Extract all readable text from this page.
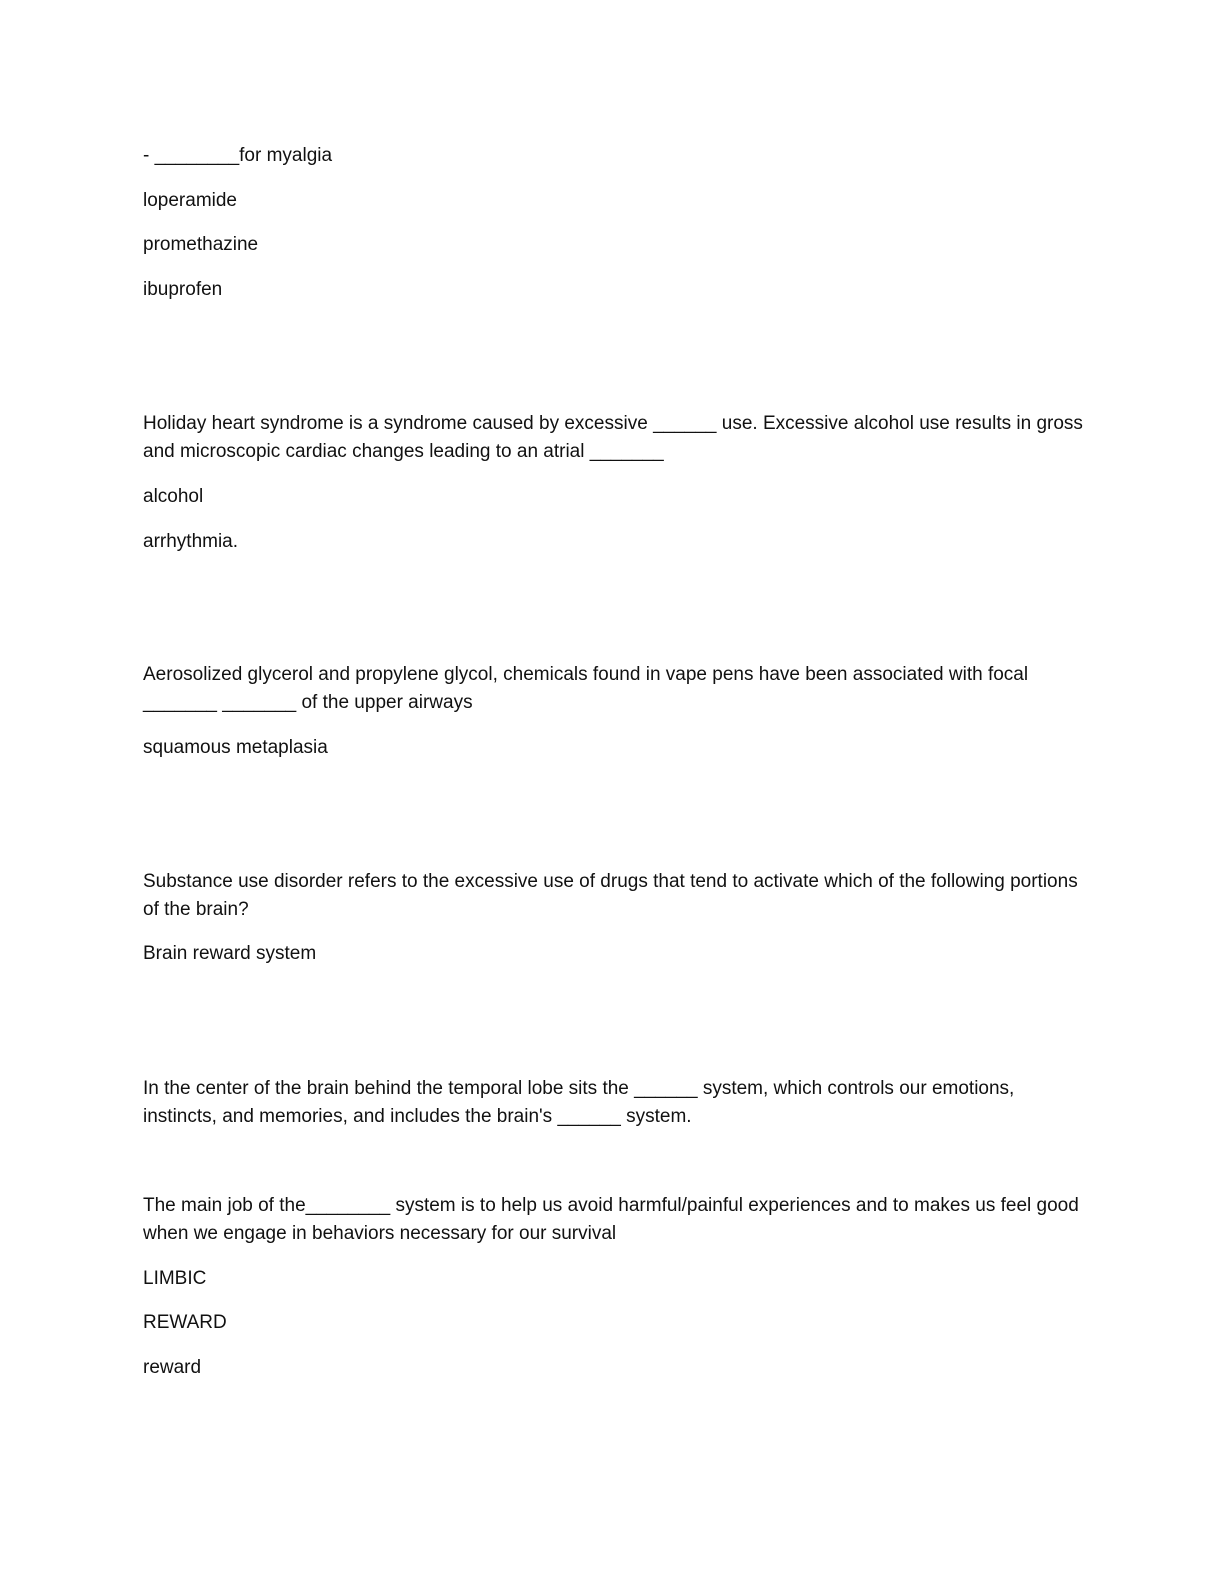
- ________for myalgia
loperamide
promethazine
ibuprofen
Holiday heart syndrome is a syndrome caused by excessive ______ use. Excessive alcohol use results in gross and microscopic cardiac changes leading to an atrial _______
alcohol
arrhythmia.
Aerosolized glycerol and propylene glycol, chemicals found in vape pens have been associated with focal _______ _______ of the upper airways
squamous metaplasia
Substance use disorder refers to the excessive use of drugs that tend to activate which of the following portions of the brain?
Brain reward system
In the center of the brain behind the temporal lobe sits the ______ system, which controls our emotions, instincts, and memories, and includes the brain's ______ system.
The main job of the________ system is to help us avoid harmful/painful experiences and to makes us feel good when we engage in behaviors necessary for our survival
LIMBIC
REWARD
reward
